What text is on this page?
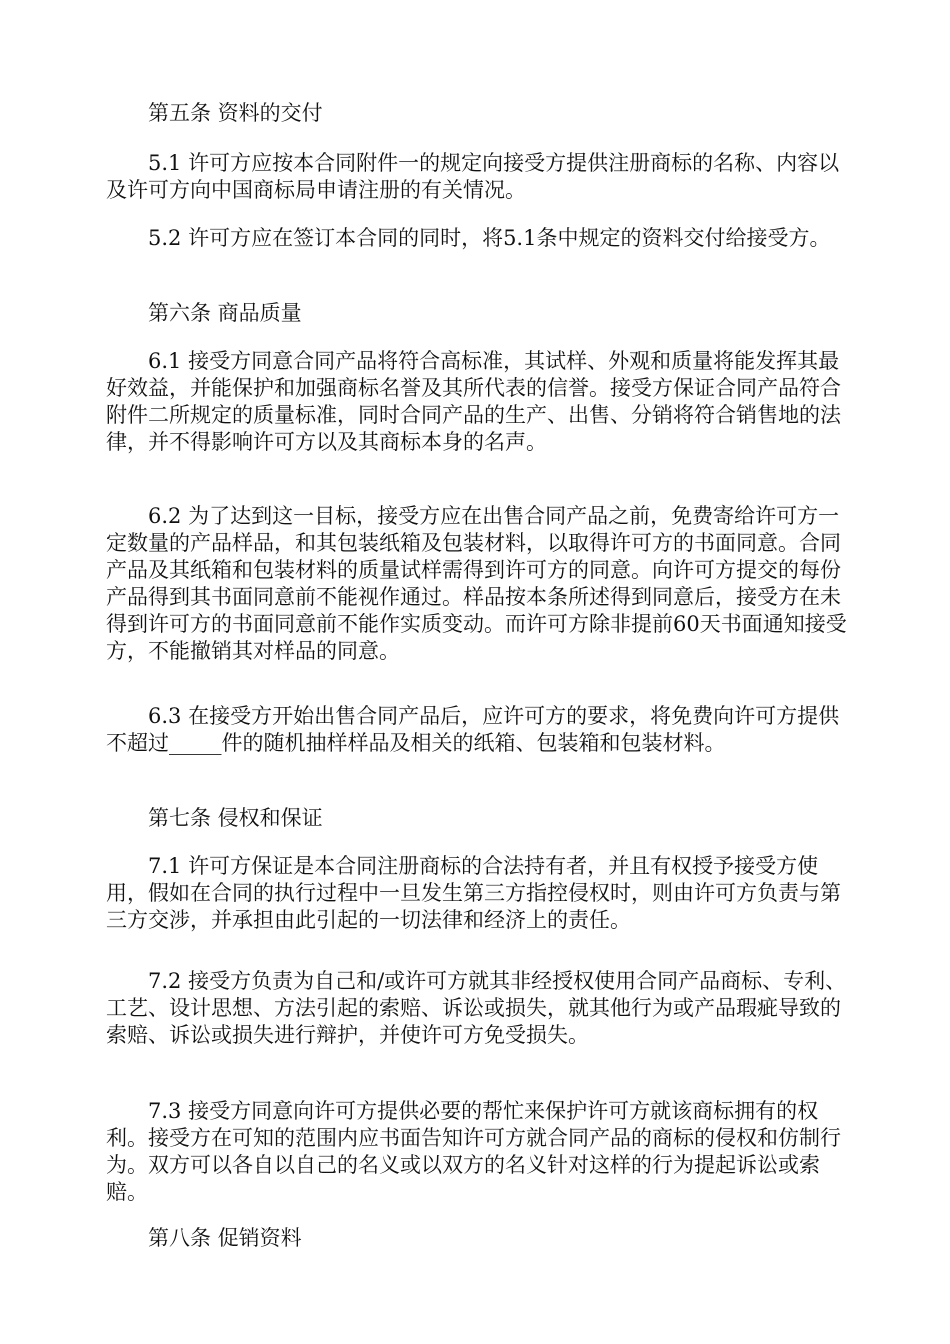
第五条 资料的交付

5.1 许可方应按本合同附件一的规定向接受方提供注册商标的名称、内容以及许可方向中国商标局申请注册的有关情况。

5.2 许可方应在签订本合同的同时，将5.1条中规定的资料交付给接受方。

第六条 商品质量

6.1 接受方同意合同产品将符合高标准，其试样、外观和质量将能发挥其最好效益，并能保护和加强商标名誉及其所代表的信誉。接受方保证合同产品符合附件二所规定的质量标准，同时合同产品的生产、出售、分销将符合销售地的法律，并不得影响许可方以及其商标本身的名声。

6.2 为了达到这一目标，接受方应在出售合同产品之前，免费寄给许可方一定数量的产品样品，和其包装纸箱及包装材料，以取得许可方的书面同意。合同产品及其纸箱和包装材料的质量试样需得到许可方的同意。向许可方提交的每份产品得到其书面同意前不能视作通过。样品按本条所述得到同意后，接受方在未得到许可方的书面同意前不能作实质变动。而许可方除非提前60天书面通知接受方，不能撤销其对样品的同意。

6.3 在接受方开始出售合同产品后，应许可方的要求，将免费向许可方提供不超过_____件的随机抽样样品及相关的纸箱、包装箱和包装材料。

第七条 侵权和保证

7.1 许可方保证是本合同注册商标的合法持有者，并且有权授予接受方使用，假如在合同的执行过程中一旦发生第三方指控侵权时，则由许可方负责与第三方交涉，并承担由此引起的一切法律和经济上的责任。

7.2 接受方负责为自己和/或许可方就其非经授权使用合同产品商标、专利、工艺、设计思想、方法引起的索赔、诉讼或损失，就其他行为或产品瑕疵导致的索赔、诉讼或损失进行辩护，并使许可方免受损失。

7.3 接受方同意向许可方提供必要的帮忙来保护许可方就该商标拥有的权利。接受方在可知的范围内应书面告知许可方就合同产品的商标的侵权和仿制行为。双方可以各自以自己的名义或以双方的名义针对这样的行为提起诉讼或索赔。

第八条 促销资料
